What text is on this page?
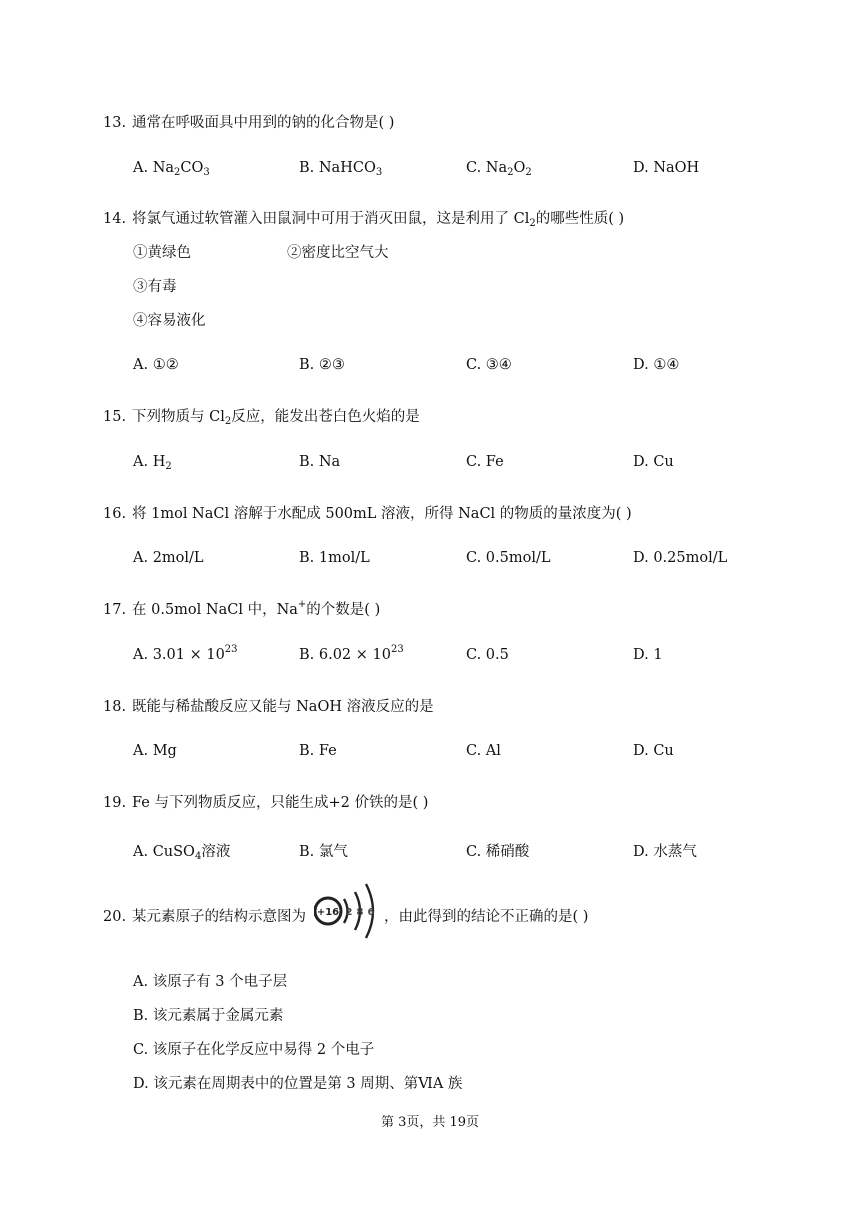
13. 通常在呼吸面具中用到的钠的化合物是( )
A. $Na_2CO_3$	B. NaHCO$_3$	C. $Na_2O_2$	D. NaOH
14. 将氯气通过软管灌入田鼠洞中可用于消灭田鼠，这是利用了 $Cl_2$的哪些性质( )
①黄绿色	②密度比空气大
③有毒
④容易液化
A. ①②	B. ②③	C. ③④	D. ①④
15. 下列物质与 $Cl_2$反应，能发出苍白色火焰的是
A. $H_2$	B. Na	C. Fe	D. Cu
16. 将 1mol NaCl 溶解于水配成 500mL 溶液，所得 NaCl 的物质的量浓度为( )
A. 2mol/L	B. 1mol/L	C. 0.5mol/L	D. 0.25mol/L
17. 在 0.5mol NaCl 中，Na+的个数是( )
A. $3.01 \times 10^{23}$	B. $6.02 \times 10^{23}$	C. 0.5	D. 1
18. 既能与稀盐酸反应又能与 NaOH 溶液反应的是
A. Mg	B. Fe	C. Al	D. Cu
19. Fe 与下列物质反应，只能生成+2 价铁的是( )
A. CuSO$_4$溶液	B. 氯气	C. 稀硝酸	D. 水蒸气
20. 某元素原子的结构示意图为 +16 2 8 6 ，由此得到的结论不正确的是( )
A. 该原子有 3 个电子层
B. 该元素属于金属元素
C. 该原子在化学反应中易得 2 个电子
D. 该元素在周期表中的位置是第 3 周期、第ⅥA 族
第 3页，共 19页
